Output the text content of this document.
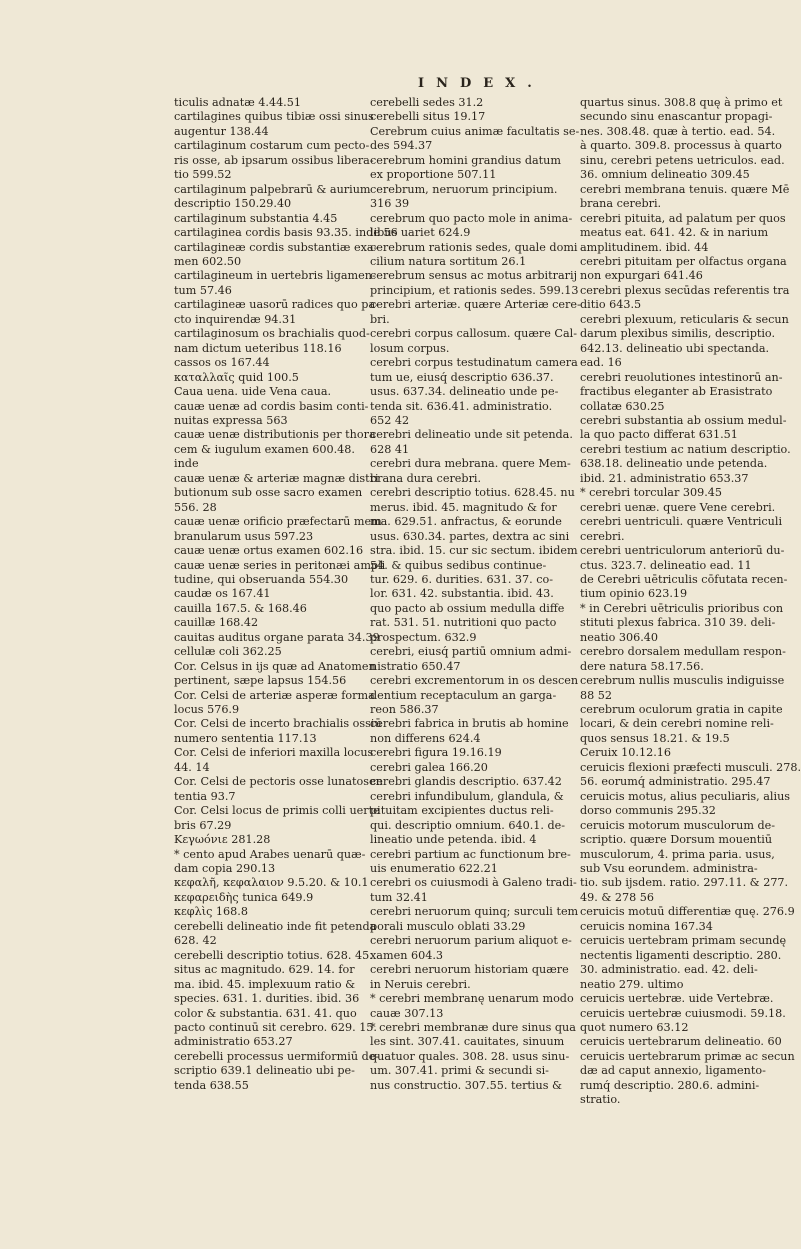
INDEX.
ticulis adnatæ 4.44.51
cartilagines quibus tibiæ ossi sinus
augentur 138.44
cartilaginum costarum cum pecto-
ris osse, ab ipsarum ossibus libera-
tio 599.52
cartilaginum palpebrarū & aurium
descriptio 150.29.40
cartilaginum substantia 4.45
cartilaginea cordis basis 93.35. inde 56
cartilagineæ cordis substantiæ exa-
men 602.50
cartilagineum in uertebris ligamen-
tum 57.46
cartilagineæ uasorū radices quo pa-
cto inquirendæ 94.31
cartilaginosum os brachialis quod-
nam dictum ueteribus 118.16
cassos os 167.44
καταλλαῖς quid 100.5
Caua uena. uide Vena caua.
cauæ uenæ ad cordis basim conti-
nuitas expressa 563
cauæ uenæ distributionis per thora
cem & iugulum examen 600.48.
inde
cauæ uenæ & arteriæ magnæ distri
butionum sub osse sacro examen
556. 28
cauæ uenæ orificio præfectarū mem
branularum usus 597.23
cauæ uenæ ortus examen 602.16
cauæ uenæ series in peritonæi ampli
tudine, qui obseruanda 554.30
caudæ os 167.41
cauilla 167.5. & 168.46
cauillæ 168.42
cauitas auditus organe parata 34.39
cellulæ coli 362.25
Cor. Celsus in ijs quæ ad Anatomen
pertinent, sæpe lapsus 154.56
Cor. Celsi de arteriæ asperæ forma
locus 576.9
Cor. Celsi de incerto brachialis ossiū
numero sententia 117.13
Cor. Celsi de inferiori maxilla locus
44. 14
Cor. Celsi de pectoris osse lunatosen
tentia 93.7
Cor. Celsi locus de primis colli uerte
bris 67.29
Κεγωόνιε 281.28
* cento apud Arabes uenarū quæ-
dam copia 290.13
κεφαλῆ, κεφαλαιον 9.5.20. & 10.1
κεφαρειδὴς tunica 649.9
κεφλὶς 168.8
cerebelli delineatio inde fit petenda
628. 42
cerebelli descriptio totius. 628. 45.
situs ac magnitudo. 629. 14. for
ma. ibid. 45. implexuum ratio &
species. 631. 1. durities. ibid. 36
color & substantia. 631. 41. quo
pacto continuū sit cerebro. 629. 15.
administratio 653.27
cerebelli processus uermiformiū de-
scriptio 639.1 delineatio ubi pe-
tenda 638.55
cerebelli sedes 31.2
cerebelli situs 19.17
Cerebrum cuius animæ facultatis se-
des 594.37
cerebrum homini grandius datum
ex proportione 507.11
cerebrum, neruorum principium.
316 39
cerebrum quo pacto mole in anima-
libus uariet 624.9
cerebrum rationis sedes, quale domi
cilium natura sortitum 26.1
cerebrum sensus ac motus arbitrarij
principium, et rationis sedes. 599.13
cerebri arteriæ. quære Arteriæ cere-
bri.
cerebri corpus callosum. quære Cal-
losum corpus.
cerebri corpus testudinatum camera
tum ue, eiusq́ descriptio 636.37.
usus. 637.34. delineatio unde pe-
tenda sit. 636.41. administratio.
652 42
cerebri delineatio unde sit petenda.
628 41
cerebri dura mebrana. quere Mem-
brana dura cerebri.
cerebri descriptio totius. 628.45. nu
merus. ibid. 45. magnitudo & for
ma. 629.51. anfractus, & eorunde
usus. 630.34. partes, dextra ac sini
stra. ibid. 15. cur sic sectum. ibidem
54. & quibus sedibus continue-
tur. 629. 6. durities. 631. 37. co-
lor. 631. 42. substantia. ibid. 43.
quo pacto ab ossium medulla diffe
rat. 531. 51. nutritioni quo pacto
prospectum. 632.9
cerebri, eiusq́ partiū omnium admi-
nistratio 650.47
cerebri excrementorum in os descen
dentium receptaculum an garga-
reon 586.37
cerebri fabrica in brutis ab homine
non differens 624.4
cerebri figura 19.16.19
cerebri galea 166.20
cerebri glandis descriptio. 637.42
cerebri infundibulum, glandula, &
pituitam excipientes ductus reli-
qui. descriptio omnium. 640.1. de-
lineatio unde petenda. ibid. 4
cerebri partium ac functionum bre-
uis enumeratio 622.21
cerebri os cuiusmodi à Galeno tradi-
tum 32.41
cerebri neruorum quinq; surculi tem
porali musculo oblati 33.29
cerebri neruorum parium aliquot e-
xamen 604.3
cerebri neruorum historiam quære
in Neruis cerebri.
* cerebri membranę uenarum modo
cauæ 307.13
* cerebri membranæ dure sinus qua
les sint. 307.41. cauitates, sinuum
quatuor quales. 308. 28. usus sinu-
um. 307.41. primi & secundi si-
nus constructio. 307.55. tertius &
quartus sinus. 308.8 quę à primo et
secundo sinu enascantur propagi-
nes. 308.48. quæ à tertio. ead. 54.
à quarto. 309.8. processus à quarto
sinu, cerebri petens uetriculos. ead.
36. omnium delineatio 309.45
cerebri membrana tenuis. quære Mē
brana cerebri.
cerebri pituita, ad palatum per quos
meatus eat. 641. 42. & in narium
amplitudinem. ibid. 44
cerebri pituitam per olfactus organa
non expurgari 641.46
cerebri plexus secūdas referentis tra
ditio 643.5
cerebri plexuum, reticularis & secun
darum plexibus similis, descriptio.
642.13. delineatio ubi spectanda.
ead. 16
cerebri reuolutiones intestinorū an-
fractibus eleganter ab Erasistrato
collatæ 630.25
cerebri substantia ab ossium medul-
la quo pacto differat 631.51
cerebri testium ac natium descriptio.
638.18. delineatio unde petenda.
ibid. 21. administratio 653.37
* cerebri torcular 309.45
cerebri uenæ. quere Vene cerebri.
cerebri uentriculi. quære Ventriculi
cerebri.
cerebri uentriculorum anteriorū du-
ctus. 323.7. delineatio ead. 11
de Cerebri uētriculis cōfutata recen-
tium opinio 623.19
* in Cerebri uētriculis prioribus con
stituti plexus fabrica. 310 39. deli-
neatio 306.40
cerebro dorsalem medullam respon-
dere natura 58.17.56.
cerebrum nullis musculis indiguisse
88 52
cerebrum oculorum gratia in capite
locari, & dein cerebri nomine reli-
quos sensus 18.21. & 19.5
Ceruix 10.12.16
ceruicis flexioni præfecti musculi. 278.
56. eorumq́ administratio. 295.47
ceruicis motus, alius peculiaris, alius
dorso communis 295.32
ceruicis motorum musculorum de-
scriptio. quære Dorsum mouentiū
musculorum, 4. prima paria. usus,
sub Vsu eorundem. administra-
tio. sub ijsdem. ratio. 297.11. & 277.
49. & 278 56
ceruicis motuū differentiæ quę. 276.9
ceruicis nomina 167.34
ceruicis uertebram primam secundę
nectentis ligamenti descriptio. 280.
30. administratio. ead. 42. deli-
neatio 279. ultimo
ceruicis uertebræ. uide Vertebræ.
ceruicis uertebræ cuiusmodi. 59.18.
quot numero 63.12
ceruicis uertebrarum delineatio. 60
ceruicis uertebrarum primæ ac secun
dæ ad caput annexio, ligamento-
rumq́ descriptio. 280.6. admini-
stratio.
